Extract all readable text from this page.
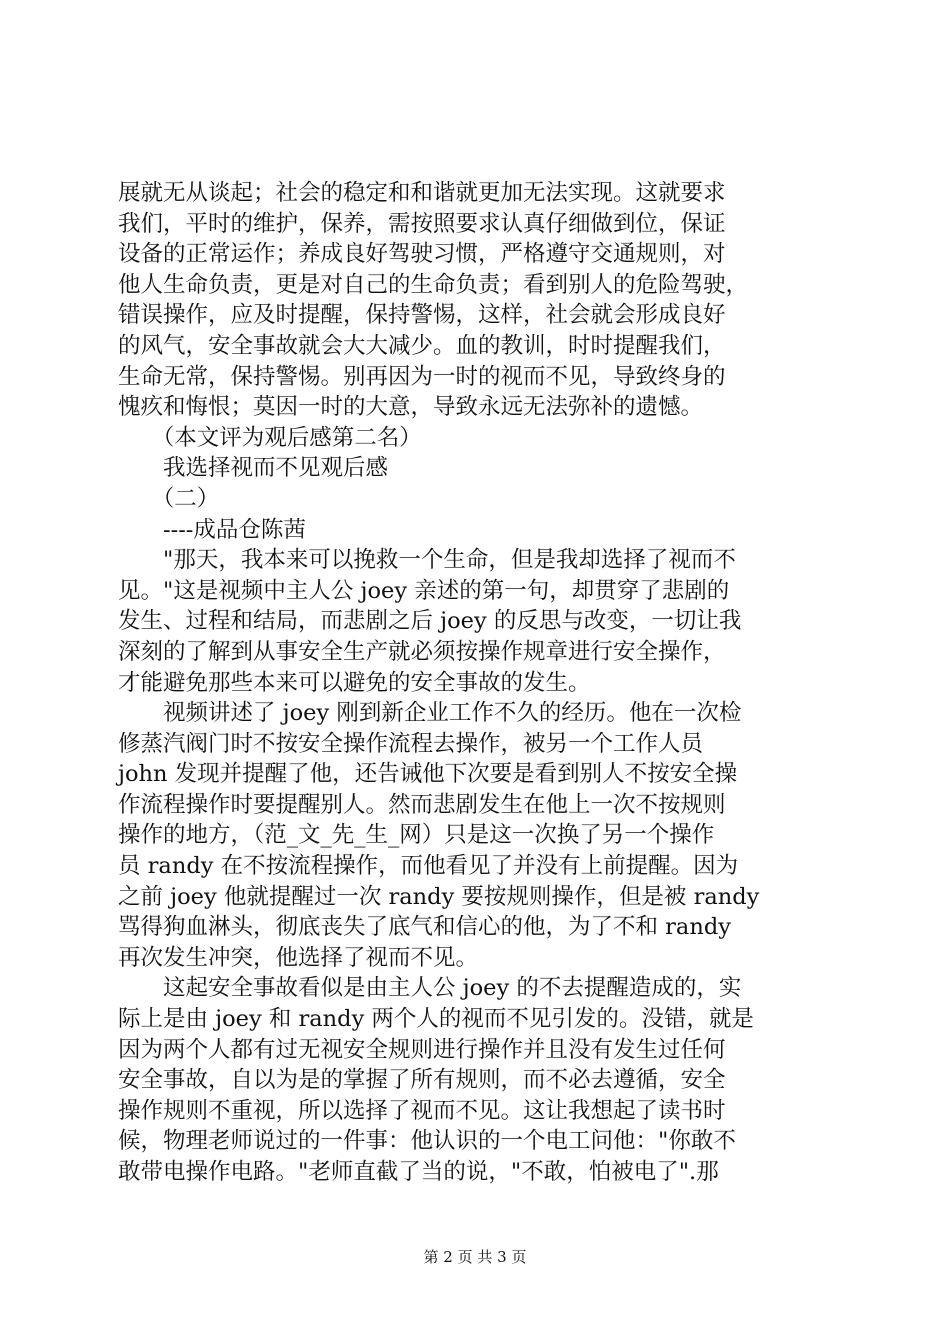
展就无从谈起；社会的稳定和和谐就更加无法实现。这就要求
我们，平时的维护，保养，需按照要求认真仔细做到位，保证
设备的正常运作；养成良好驾驶习惯，严格遵守交通规则，对
他人生命负责，更是对自己的生命负责；看到别人的危险驾驶，
错误操作，应及时提醒，保持警惕，这样，社会就会形成良好
的风气，安全事故就会大大减少。血的教训，时时提醒我们，
生命无常，保持警惕。别再因为一时的视而不见，导致终身的
愧疚和悔恨；莫因一时的大意，导致永远无法弥补的遗憾。
　　（本文评为观后感第二名）
　　我选择视而不见观后感
　　（二）
　　----成品仓陈茜
　　"那天，我本来可以挽救一个生命，但是我却选择了视而不
见。"这是视频中主人公 joey 亲述的第一句，却贯穿了悲剧的
发生、过程和结局，而悲剧之后 joey 的反思与改变，一切让我
深刻的了解到从事安全生产就必须按操作规章进行安全操作，
才能避免那些本来可以避免的安全事故的发生。
　　视频讲述了 joey 刚到新企业工作不久的经历。他在一次检
修蒸汽阀门时不按安全操作流程去操作，被另一个工作人员
john 发现并提醒了他，还告诫他下次要是看到别人不按安全操
作流程操作时要提醒别人。然而悲剧发生在他上一次不按规则
操作的地方，（范_文_先_生_网）只是这一次换了另一个操作
员 randy 在不按流程操作，而他看见了并没有上前提醒。因为
之前 joey 他就提醒过一次 randy 要按规则操作，但是被 randy
骂得狗血淋头，彻底丧失了底气和信心的他，为了不和 randy
再次发生冲突，他选择了视而不见。
　　这起安全事故看似是由主人公 joey 的不去提醒造成的，实
际上是由 joey 和 randy 两个人的视而不见引发的。没错，就是
因为两个人都有过无视安全规则进行操作并且没有发生过任何
安全事故，自以为是的掌握了所有规则，而不必去遵循，安全
操作规则不重视，所以选择了视而不见。这让我想起了读书时
候，物理老师说过的一件事：他认识的一个电工问他："你敢不
敢带电操作电路。"老师直截了当的说，"不敢，怕被电了".那
第 2 页 共 3 页
